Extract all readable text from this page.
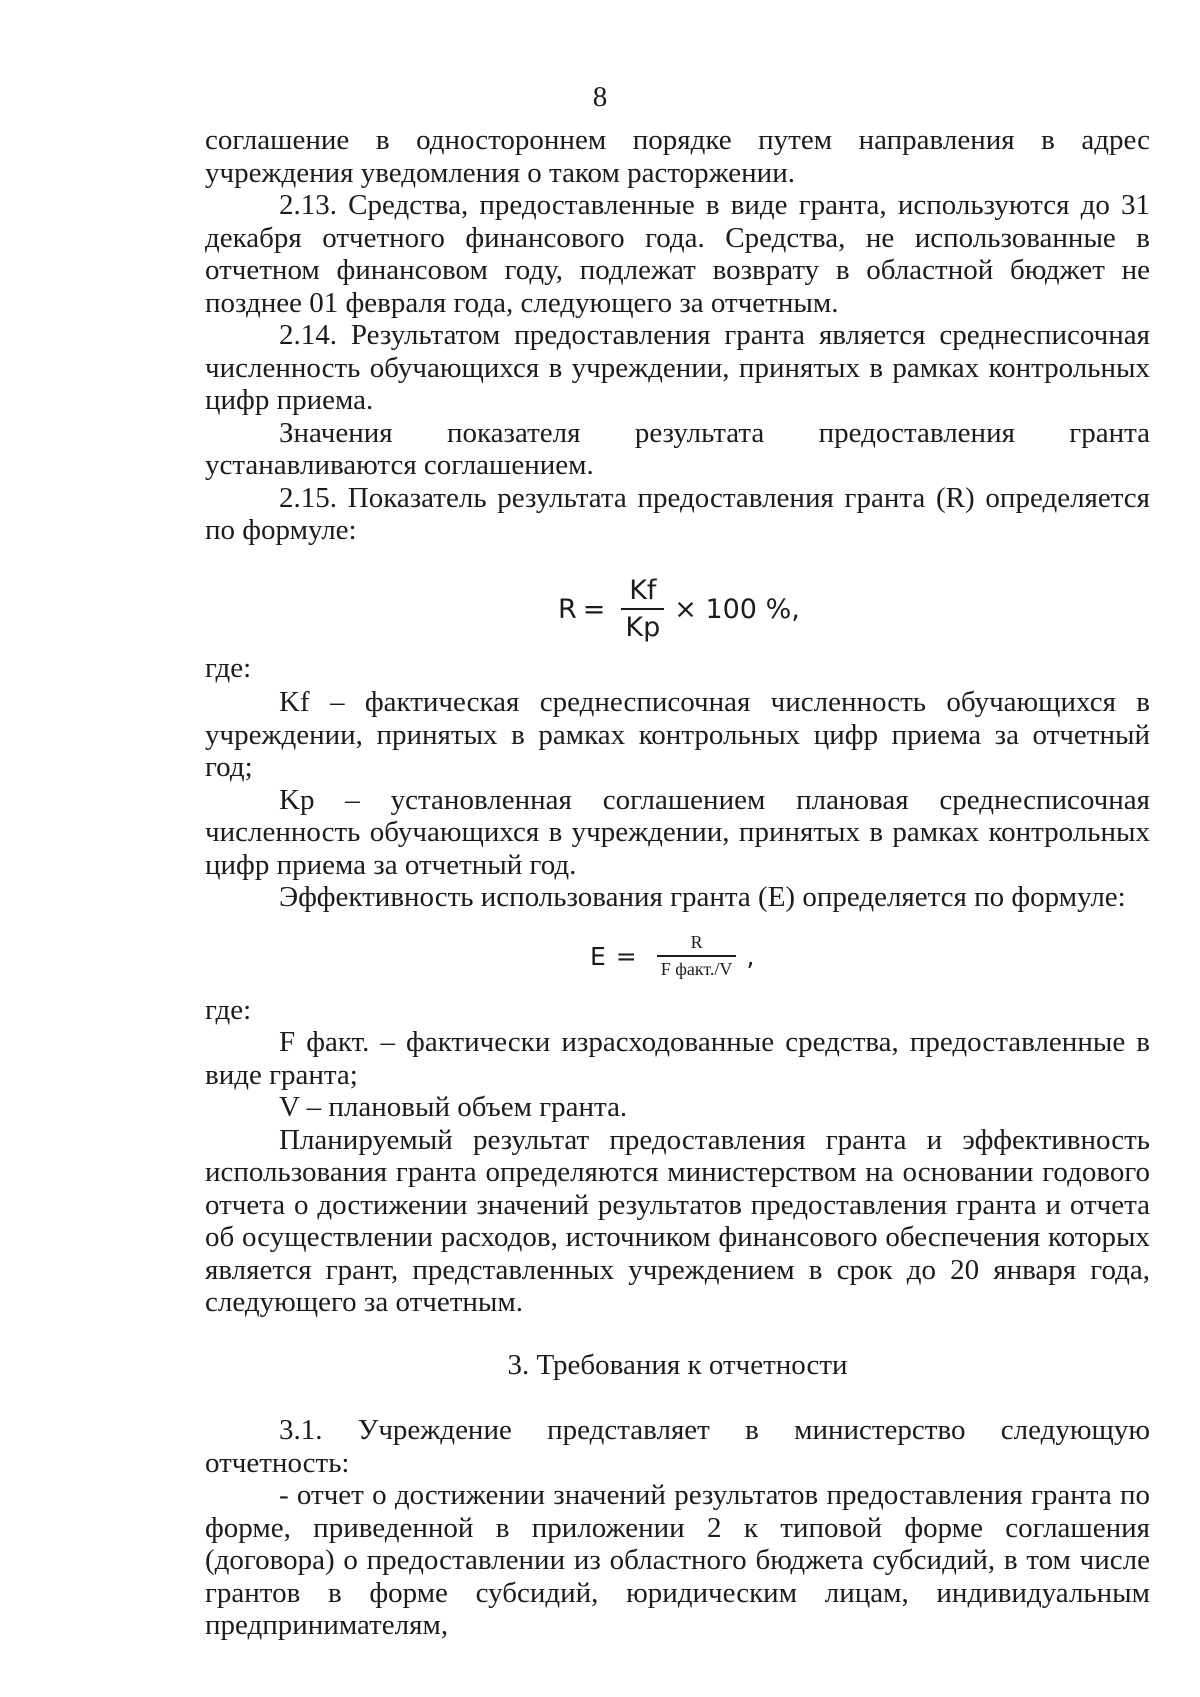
8

соглашение в одностороннем порядке путем направления в адрес учреждения уведомления о таком расторжении.

2.13. Средства, предоставленные в виде гранта, используются до 31 декабря отчетного финансового года. Средства, не использованные в отчетном финансовом году, подлежат возврату в областной бюджет не позднее 01 февраля года, следующего за отчетным.

2.14. Результатом предоставления гранта является среднесписочная численность обучающихся в учреждении, принятых в рамках контрольных цифр приема.

Значения показателя результата предоставления гранта

устанавливаются соглашением.

2.15. Показатель результата предоставления гранта (R) определяется по формуле:

$R = \frac{Kf}{Kp} \times 100$ %,
где:

Kf – фактическая среднесписочная численность обучающихся в учреждении, принятых в рамках контрольных цифр приема за отчетный год;

Kp – установленная соглашением плановая среднесписочная численность обучающихся в учреждении, принятых в рамках контрольных цифр приема за отчетный год.

Эффективность использования гранта (E) определяется по формуле:

$E = \frac{R}{\text{F факт./V}}$ ,
где:

F факт. – фактически израсходованные средства, предоставленные в виде гранта;

V – плановый объем гранта.

Планируемый результат предоставления гранта и эффективность использования гранта определяются министерством на основании годового отчета о достижении значений результатов предоставления гранта и отчета об осуществлении расходов, источником финансового обеспечения которых является грант, представленных учреждением в срок до 20 января года, следующего за отчетным.

3. Требования к отчетности

3.1. Учреждение представляет в министерство следующую отчетность:

- отчет о достижении значений результатов предоставления гранта по форме, приведенной в приложении 2 к типовой форме соглашения (договора) о предоставлении из областного бюджета субсидий, в том числе грантов в форме субсидий, юридическим лицам, индивидуальным предпринимателям,
